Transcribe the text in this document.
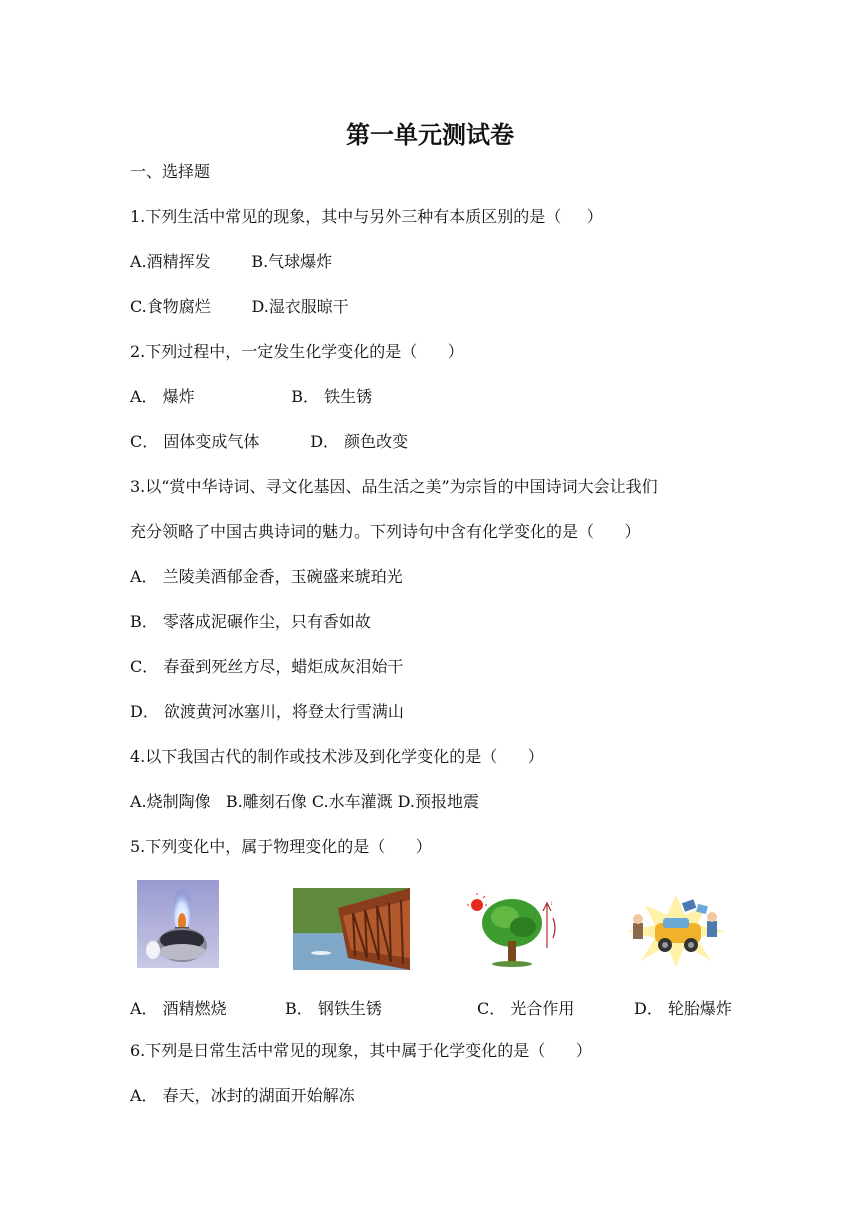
第一单元测试卷
一、选择题
1.下列生活中常见的现象，其中与另外三种有本质区别的是（     ）
A.酒精挥发        B.气球爆炸
C.食物腐烂        D.湿衣服晾干
2.下列过程中，一定发生化学变化的是（      ）
A． 爆炸                   B． 铁生锈
C． 固体变成气体          D． 颜色改变
3.以“赏中华诗词、寻文化基因、品生活之美”为宗旨的中国诗词大会让我们
充分领略了中国古典诗词的魅力。下列诗句中含有化学变化的是（      ）
A． 兰陵美酒郁金香，玉碗盛来琥珀光
B． 零落成泥碾作尘，只有香如故
C． 春蚕到死丝方尽，蜡炬成灰泪始干
D． 欲渡黄河冰塞川，将登太行雪满山
4.以下我国古代的制作或技术涉及到化学变化的是（      ）
A.烧制陶像   B.雕刻石像 C.水车灌溉 D.预报地震
5.下列变化中，属于物理变化的是（      ）
⁞
A． 酒精燃烧	B． 钢铁生锈	C． 光合作用	D． 轮胎爆炸
6.下列是日常生活中常见的现象，其中属于化学变化的是（      ）
A． 春天，冰封的湖面开始解冻
